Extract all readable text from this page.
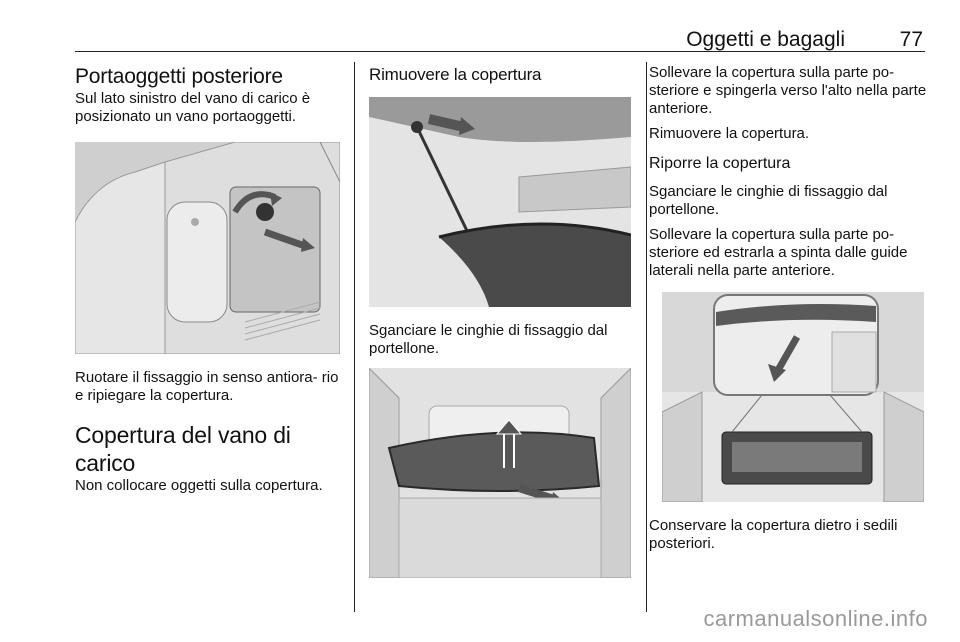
Oggetti e bagagli	77
Portaoggetti posteriore

Sul lato sinistro del vano di carico è posizionato un vano portaoggetti.

Ruotare il fissaggio in senso antiora- rio e ripiegare la copertura.

Copertura del vano di carico

Non collocare oggetti sulla copertura.

Rimuovere la copertura

Sganciare le cinghie di fissaggio dal portellone.

Sollevare la copertura sulla parte po- steriore e spingerla verso l'alto nella parte anteriore.

Rimuovere la copertura.

Riporre la copertura

Sganciare le cinghie di fissaggio dal portellone.

Sollevare la copertura sulla parte po- steriore ed estrarla a spinta dalle guide laterali nella parte anteriore.

Conservare la copertura dietro i sedili posteriori.

carmanualsonline.info
